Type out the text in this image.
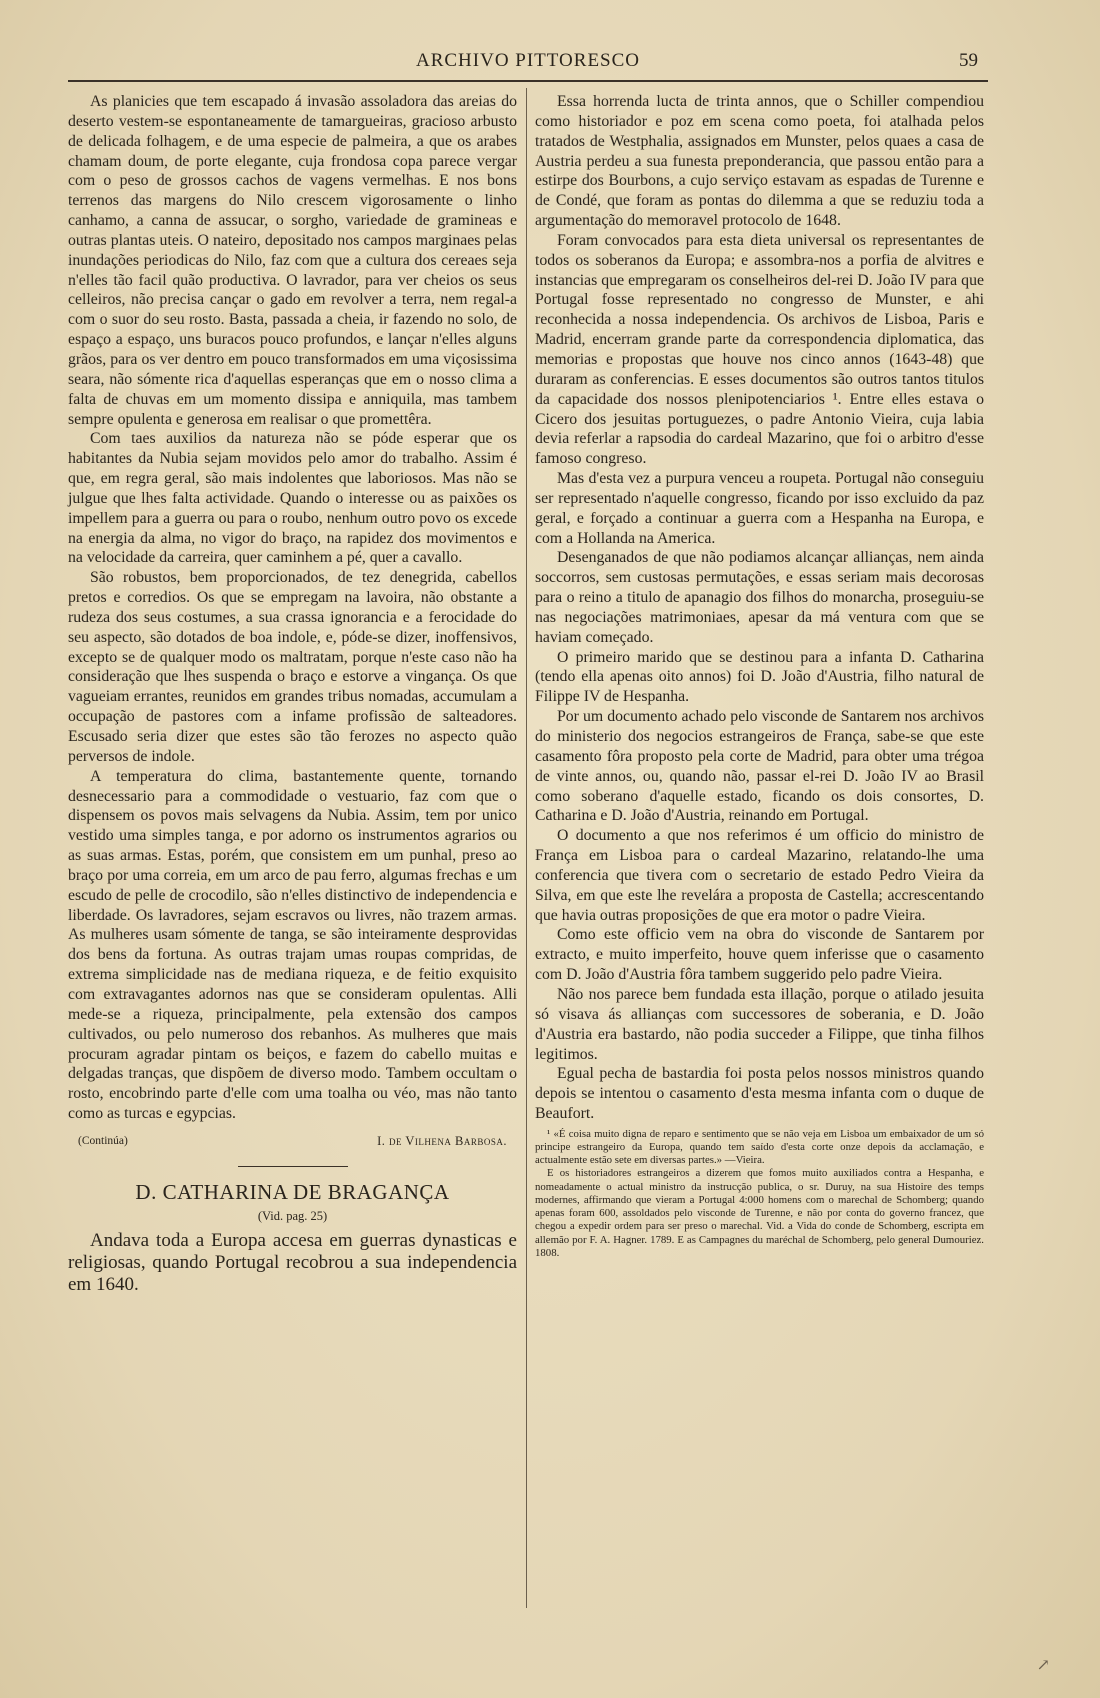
ARCHIVO PITTORESCO	59

As planicies que tem escapado á invasão assoladora das areias do deserto vestem-se espontaneamente de tamargueiras, gracioso arbusto de delicada folhagem, e de uma especie de palmeira, a que os arabes chamam doum, de porte elegante, cuja frondosa copa parece vergar com o peso de grossos cachos de vagens vermelhas. E nos bons terrenos das margens do Nilo crescem vigorosamente o linho canhamo, a canna de assucar, o sorgho, variedade de gramineas e outras plantas uteis. O nateiro, depositado nos campos marginaes pelas inundações periodicas do Nilo, faz com que a cultura dos cereaes seja n'elles tão facil quão productiva. O lavrador, para ver cheios os seus celleiros, não precisa cançar o gado em revolver a terra, nem regal-a com o suor do seu rosto. Basta, passada a cheia, ir fazendo no solo, de espaço a espaço, uns buracos pouco profundos, e lançar n'elles alguns grãos, para os ver dentro em pouco transformados em uma viçosissima seara, não sómente rica d'aquellas esperanças que em o nosso clima a falta de chuvas em um momento dissipa e anniquila, mas tambem sempre opulenta e generosa em realisar o que promettêra.

Com taes auxilios da natureza não se póde esperar que os habitantes da Nubia sejam movidos pelo amor do trabalho. Assim é que, em regra geral, são mais indolentes que laboriosos. Mas não se julgue que lhes falta actividade. Quando o interesse ou as paixões os impellem para a guerra ou para o roubo, nenhum outro povo os excede na energia da alma, no vigor do braço, na rapidez dos movimentos e na velocidade da carreira, quer caminhem a pé, quer a cavallo.

São robustos, bem proporcionados, de tez denegrida, cabellos pretos e corredios. Os que se empregam na lavoira, não obstante a rudeza dos seus costumes, a sua crassa ignorancia e a ferocidade do seu aspecto, são dotados de boa indole, e, póde-se dizer, inoffensivos, excepto se de qualquer modo os maltratam, porque n'este caso não ha consideração que lhes suspenda o braço e estorve a vingança. Os que vagueiam errantes, reunidos em grandes tribus nomadas, accumulam a occupação de pastores com a infame profissão de salteadores. Escusado seria dizer que estes são tão ferozes no aspecto quão perversos de indole.

A temperatura do clima, bastantemente quente, tornando desnecessario para a commodidade o vestuario, faz com que o dispensem os povos mais selvagens da Nubia. Assim, tem por unico vestido uma simples tanga, e por adorno os instrumentos agrarios ou as suas armas. Estas, porém, que consistem em um punhal, preso ao braço por uma correia, em um arco de pau ferro, algumas frechas e um escudo de pelle de crocodilo, são n'elles distinctivo de independencia e liberdade. Os lavradores, sejam escravos ou livres, não trazem armas. As mulheres usam sómente de tanga, se são inteiramente desprovidas dos bens da fortuna. As outras trajam umas roupas compridas, de extrema simplicidade nas de mediana riqueza, e de feitio exquisito com extravagantes adornos nas que se consideram opulentas. Alli mede-se a riqueza, principalmente, pela extensão dos campos cultivados, ou pelo numeroso dos rebanhos. As mulheres que mais procuram agradar pintam os beiços, e fazem do cabello muitas e delgadas tranças, que dispõem de diverso modo. Tambem occultam o rosto, encobrindo parte d'elle com uma toalha ou véo, mas não tanto como as turcas e egypcias.

(Continúa)	I. de Vilhena Barbosa.
D. CATHARINA DE BRAGANÇA
(Vid. pag. 25)

Andava toda a Europa accesa em guerras dynasticas e religiosas, quando Portugal recobrou a sua independencia em 1640.

Essa horrenda lucta de trinta annos, que o Schiller compendiou como historiador e poz em scena como poeta, foi atalhada pelos tratados de Westphalia, assignados em Munster, pelos quaes a casa de Austria perdeu a sua funesta preponderancia, que passou então para a estirpe dos Bourbons, a cujo serviço estavam as espadas de Turenne e de Condé, que foram as pontas do dilemma a que se reduziu toda a argumentação do memoravel protocolo de 1648.

Foram convocados para esta dieta universal os representantes de todos os soberanos da Europa; e assombra-nos a porfia de alvitres e instancias que empregaram os conselheiros del-rei D. João IV para que Portugal fosse representado no congresso de Munster, e ahi reconhecida a nossa independencia. Os archivos de Lisboa, Paris e Madrid, encerram grande parte da correspondencia diplomatica, das memorias e propostas que houve nos cinco annos (1643-48) que duraram as conferencias. E esses documentos são outros tantos titulos da capacidade dos nossos plenipotenciarios ¹. Entre elles estava o Cicero dos jesuitas portuguezes, o padre Antonio Vieira, cuja labia devia referlar a rapsodia do cardeal Mazarino, que foi o arbitro d'esse famoso congreso.

Mas d'esta vez a purpura venceu a roupeta. Portugal não conseguiu ser representado n'aquelle congresso, ficando por isso excluido da paz geral, e forçado a continuar a guerra com a Hespanha na Europa, e com a Hollanda na America.

Desenganados de que não podiamos alcançar allianças, nem ainda soccorros, sem custosas permutações, e essas seriam mais decorosas para o reino a titulo de apanagio dos filhos do monarcha, proseguiu-se nas negociações matrimoniaes, apesar da má ventura com que se haviam começado.

O primeiro marido que se destinou para a infanta D. Catharina (tendo ella apenas oito annos) foi D. João d'Austria, filho natural de Filippe IV de Hespanha.

Por um documento achado pelo visconde de Santarem nos archivos do ministerio dos negocios estrangeiros de França, sabe-se que este casamento fôra proposto pela corte de Madrid, para obter uma trégoa de vinte annos, ou, quando não, passar el-rei D. João IV ao Brasil como soberano d'aquelle estado, ficando os dois consortes, D. Catharina e D. João d'Austria, reinando em Portugal.

O documento a que nos referimos é um officio do ministro de França em Lisboa para o cardeal Mazarino, relatando-lhe uma conferencia que tivera com o secretario de estado Pedro Vieira da Silva, em que este lhe revelára a proposta de Castella; accrescentando que havia outras proposições de que era motor o padre Vieira.

Como este officio vem na obra do visconde de Santarem por extracto, e muito imperfeito, houve quem inferisse que o casamento com D. João d'Austria fôra tambem suggerido pelo padre Vieira.

Não nos parece bem fundada esta illação, porque o atilado jesuita só visava ás allianças com successores de soberania, e D. João d'Austria era bastardo, não podia succeder a Filippe, que tinha filhos legitimos.

Egual pecha de bastardia foi posta pelos nossos ministros quando depois se intentou o casamento d'esta mesma infanta com o duque de Beaufort.

¹ «É coisa muito digna de reparo e sentimento que se não veja em Lisboa um embaixador de um só principe estrangeiro da Europa, quando tem saído d'esta corte onze depois da acclamação, e actualmente estão sete em diversas partes.» —Vieira.

E os historiadores estrangeiros a dizerem que fomos muito auxiliados contra a Hespanha, e nomeadamente o actual ministro da instrucção publica, o sr. Duruy, na sua Histoire des temps modernes, affirmando que vieram a Portugal 4:000 homens com o marechal de Schomberg; quando apenas foram 600, assoldados pelo visconde de Turenne, e não por conta do governo francez, que chegou a expedir ordem para ser preso o marechal. Vid. a Vida do conde de Schomberg, escripta em allemão por F. A. Hagner. 1789. E as Campagnes du maréchal de Schomberg, pelo general Dumouriez. 1808.

↗
